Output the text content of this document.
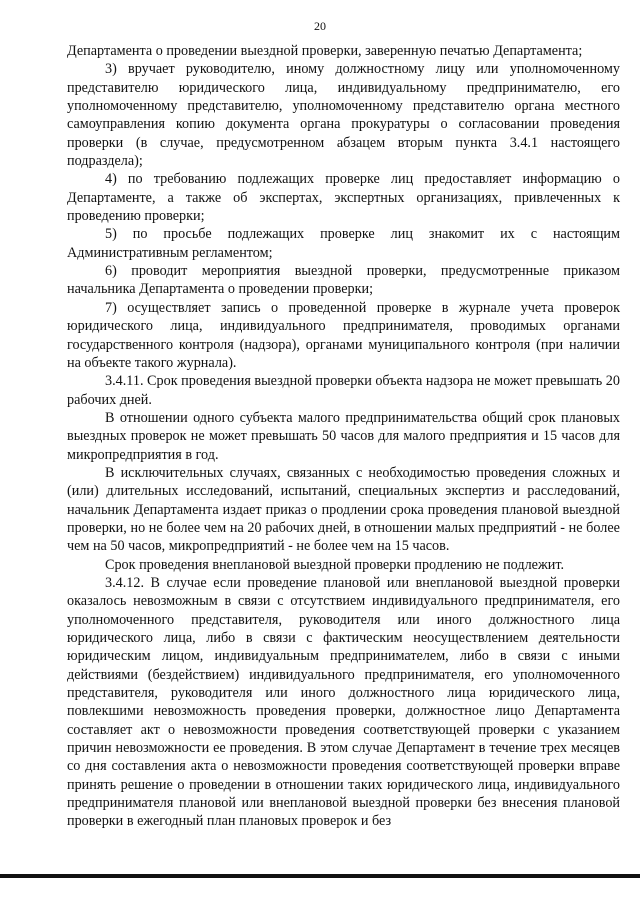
20

Департамента о проведении выездной проверки, заверенную печатью Департамента;

3) вручает руководителю, иному должностному лицу или уполномоченному представителю юридического лица, индивидуальному предпринимателю, его уполномоченному представителю, уполномоченному представителю органа местного самоуправления копию документа органа прокуратуры о согласовании проведения проверки (в случае, предусмотренном абзацем вторым пункта 3.4.1 настоящего подраздела);

4) по требованию подлежащих проверке лиц предоставляет информацию о Департаменте, а также об экспертах, экспертных организациях, привлеченных к проведению проверки;

5) по просьбе подлежащих проверке лиц знакомит их с настоящим Административным регламентом;

6) проводит мероприятия выездной проверки, предусмотренные приказом начальника Департамента о проведении проверки;

7) осуществляет запись о проведенной проверке в журнале учета проверок юридического лица, индивидуального предпринимателя, проводимых органами государственного контроля (надзора), органами муниципального контроля (при наличии на объекте такого журнала).

3.4.11. Срок проведения выездной проверки объекта надзора не может превышать 20 рабочих дней.

В отношении одного субъекта малого предпринимательства общий срок плановых выездных проверок не может превышать 50 часов для малого предприятия и 15 часов для микропредприятия в год.

В исключительных случаях, связанных с необходимостью проведения сложных и (или) длительных исследований, испытаний, специальных экспертиз и расследований, начальник Департамента издает приказ о продлении срока проведения плановой выездной проверки, но не более чем на 20 рабочих дней, в отношении малых предприятий - не более чем на 50 часов, микропредприятий - не более чем на 15 часов.

Срок проведения внеплановой выездной проверки продлению не подлежит.

3.4.12. В случае если проведение плановой или внеплановой выездной проверки оказалось невозможным в связи с отсутствием индивидуального предпринимателя, его уполномоченного представителя, руководителя или иного должностного лица юридического лица, либо в связи с фактическим неосуществлением деятельности юридическим лицом, индивидуальным предпринимателем, либо в связи с иными действиями (бездействием) индивидуального предпринимателя, его уполномоченного представителя, руководителя или иного должностного лица юридического лица, повлекшими невозможность проведения проверки, должностное лицо Департамента составляет акт о невозможности проведения соответствующей проверки с указанием причин невозможности ее проведения. В этом случае Департамент в течение трех месяцев со дня составления акта о невозможности проведения соответствующей проверки вправе принять решение о проведении в отношении таких юридического лица, индивидуального предпринимателя плановой или внеплановой выездной проверки без внесения плановой проверки в ежегодный план плановых проверок и без
